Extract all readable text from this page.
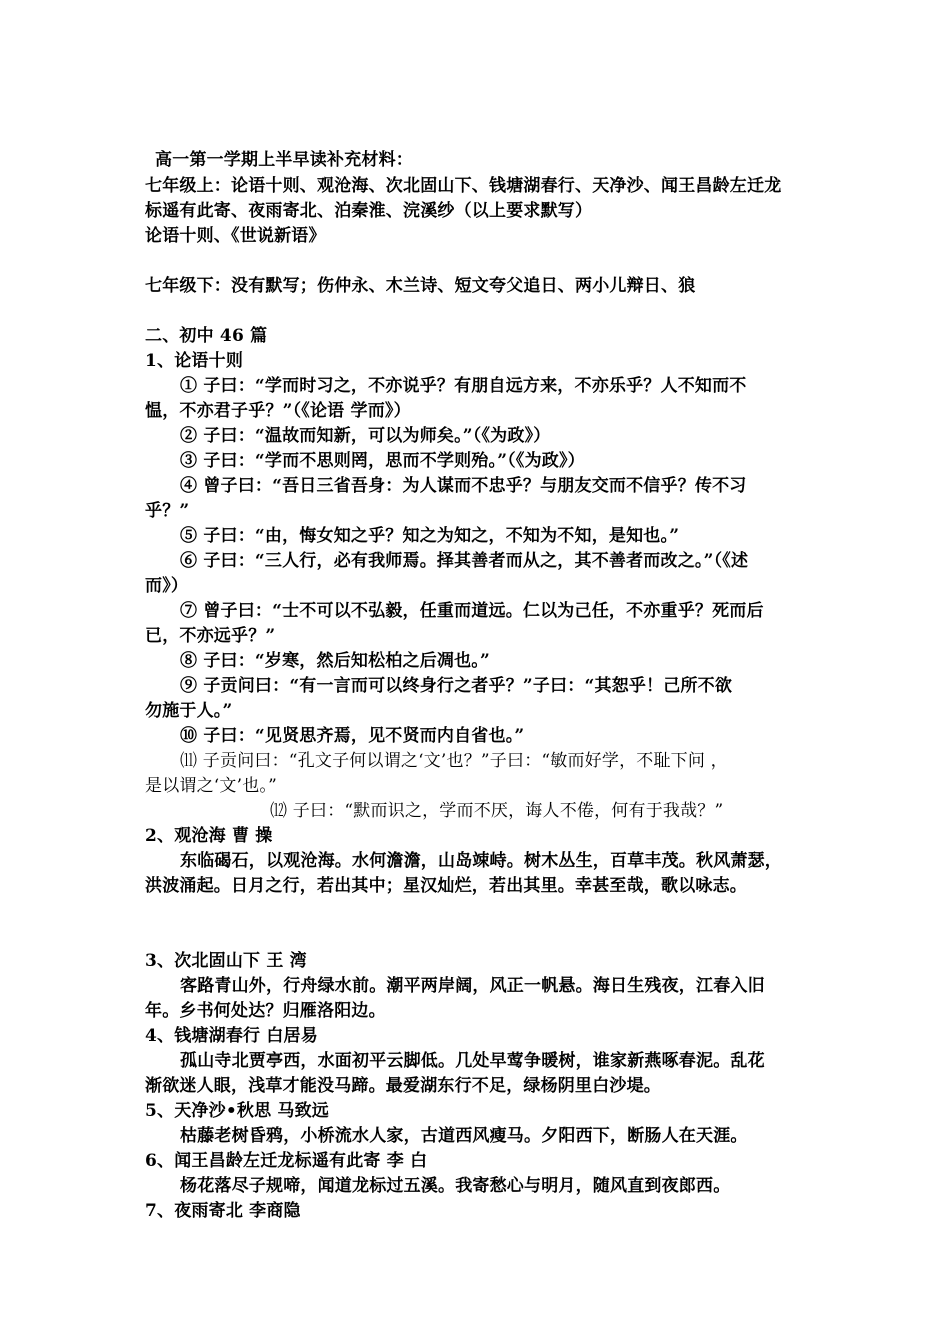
高一第一学期上半早读补充材料：
七年级上：论语十则、观沧海、次北固山下、钱塘湖春行、天净沙、闻王昌龄左迁龙
标遥有此寄、夜雨寄北、泊秦淮、浣溪纱（以上要求默写）
论语十则、《世说新语》
七年级下：没有默写；伤仲永、木兰诗、短文夸父追日、两小儿辩日、狼
二、初中 46 篇
1、论语十则
① 子曰：“学而时习之，不亦说乎？有朋自远方来，不亦乐乎？人不知而不
愠，不亦君子乎？”（《论语 学而》）
② 子曰：“温故而知新，可以为师矣。”（《为政》）
③ 子曰：“学而不思则罔，思而不学则殆。”（《为政》）
④ 曾子曰：“吾日三省吾身：为人谋而不忠乎？与朋友交而不信乎？传不习
乎？”
⑤ 子曰：“由，悔女知之乎？知之为知之，不知为不知，是知也。”
⑥ 子曰：“三人行，必有我师焉。择其善者而从之，其不善者而改之。”（《述
而》）
⑦ 曾子曰：“士不可以不弘毅，任重而道远。仁以为己任，不亦重乎？死而后
已，不亦远乎？”
⑧ 子曰：“岁寒，然后知松柏之后凋也。”
⑨ 子贡问曰：“有一言而可以终身行之者乎？”子曰：“其恕乎！己所不欲
勿施于人。”
⑩ 子曰：“见贤思齐焉，见不贤而内自省也。”
⑾ 子贡问曰：“孔文子何以谓之‘文’也？”子曰：“敏而好学，不耻下问 ，
是以谓之‘文’也。”
⑿ 子曰：“默而识之，学而不厌，诲人不倦，何有于我哉？”
2、观沧海 曹 操
东临碣石，以观沧海。水何澹澹，山岛竦峙。树木丛生，百草丰茂。秋风萧瑟，
洪波涌起。日月之行，若出其中；星汉灿烂，若出其里。幸甚至哉，歌以咏志。
3、次北固山下 王 湾
客路青山外，行舟绿水前。潮平两岸阔，风正一帆悬。海日生残夜，江春入旧
年。乡书何处达？归雁洛阳边。
4、钱塘湖春行 白居易
孤山寺北贾亭西，水面初平云脚低。几处早莺争暖树，谁家新燕啄春泥。乱花
渐欲迷人眼，浅草才能没马蹄。最爱湖东行不足，绿杨阴里白沙堤。
5、天净沙•秋思 马致远
枯藤老树昏鸦，小桥流水人家，古道西风瘦马。夕阳西下，断肠人在天涯。
6、闻王昌龄左迁龙标遥有此寄 李 白
杨花落尽子规啼，闻道龙标过五溪。我寄愁心与明月，随风直到夜郎西。
7、夜雨寄北 李商隐
